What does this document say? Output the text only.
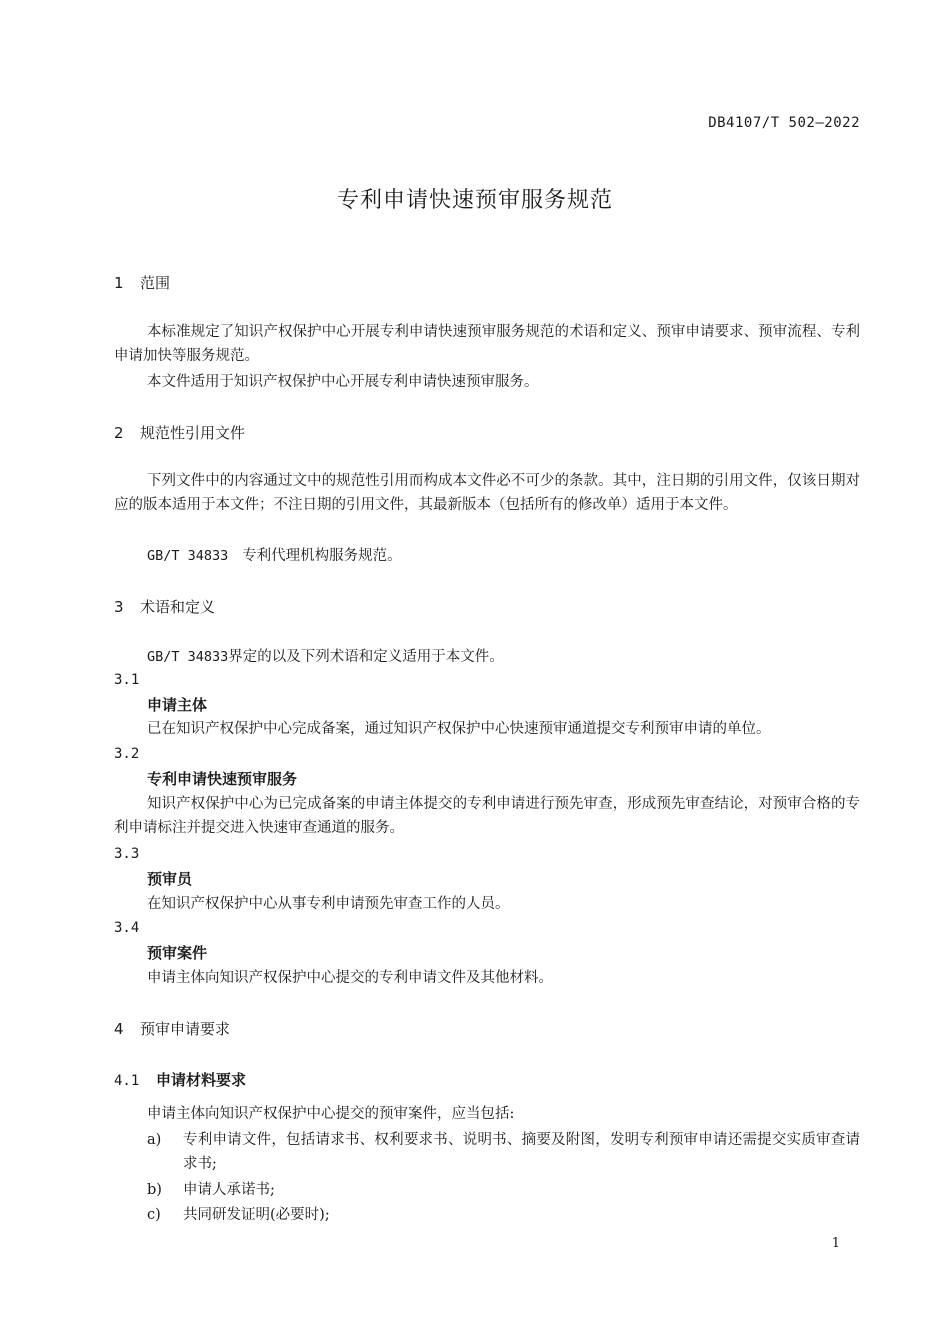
DB4107/T 502—2022
专利申请快速预审服务规范
1 范围
本标准规定了知识产权保护中心开展专利申请快速预审服务规范的术语和定义、预审申请要求、预审流程、专利申请加快等服务规范。
本文件适用于知识产权保护中心开展专利申请快速预审服务。
2 规范性引用文件
下列文件中的内容通过文中的规范性引用而构成本文件必不可少的条款。其中，注日期的引用文件，仅该日期对应的版本适用于本文件；不注日期的引用文件，其最新版本（包括所有的修改单）适用于本文件。
GB/T 34833 专利代理机构服务规范。
3 术语和定义
GB/T 34833界定的以及下列术语和定义适用于本文件。
3.1
申请主体
已在知识产权保护中心完成备案，通过知识产权保护中心快速预审通道提交专利预审申请的单位。
3.2
专利申请快速预审服务
知识产权保护中心为已完成备案的申请主体提交的专利申请进行预先审查，形成预先审查结论，对预审合格的专利申请标注并提交进入快速审查通道的服务。
3.3
预审员
在知识产权保护中心从事专利申请预先审查工作的人员。
3.4
预审案件
申请主体向知识产权保护中心提交的专利申请文件及其他材料。
4 预审申请要求
4.1 申请材料要求
申请主体向知识产权保护中心提交的预审案件，应当包括:
a)	专利申请文件，包括请求书、权利要求书、说明书、摘要及附图，发明专利预审申请还需提交实质审查请求书;
b)	申请人承诺书;
c)	共同研发证明(必要时);
1
